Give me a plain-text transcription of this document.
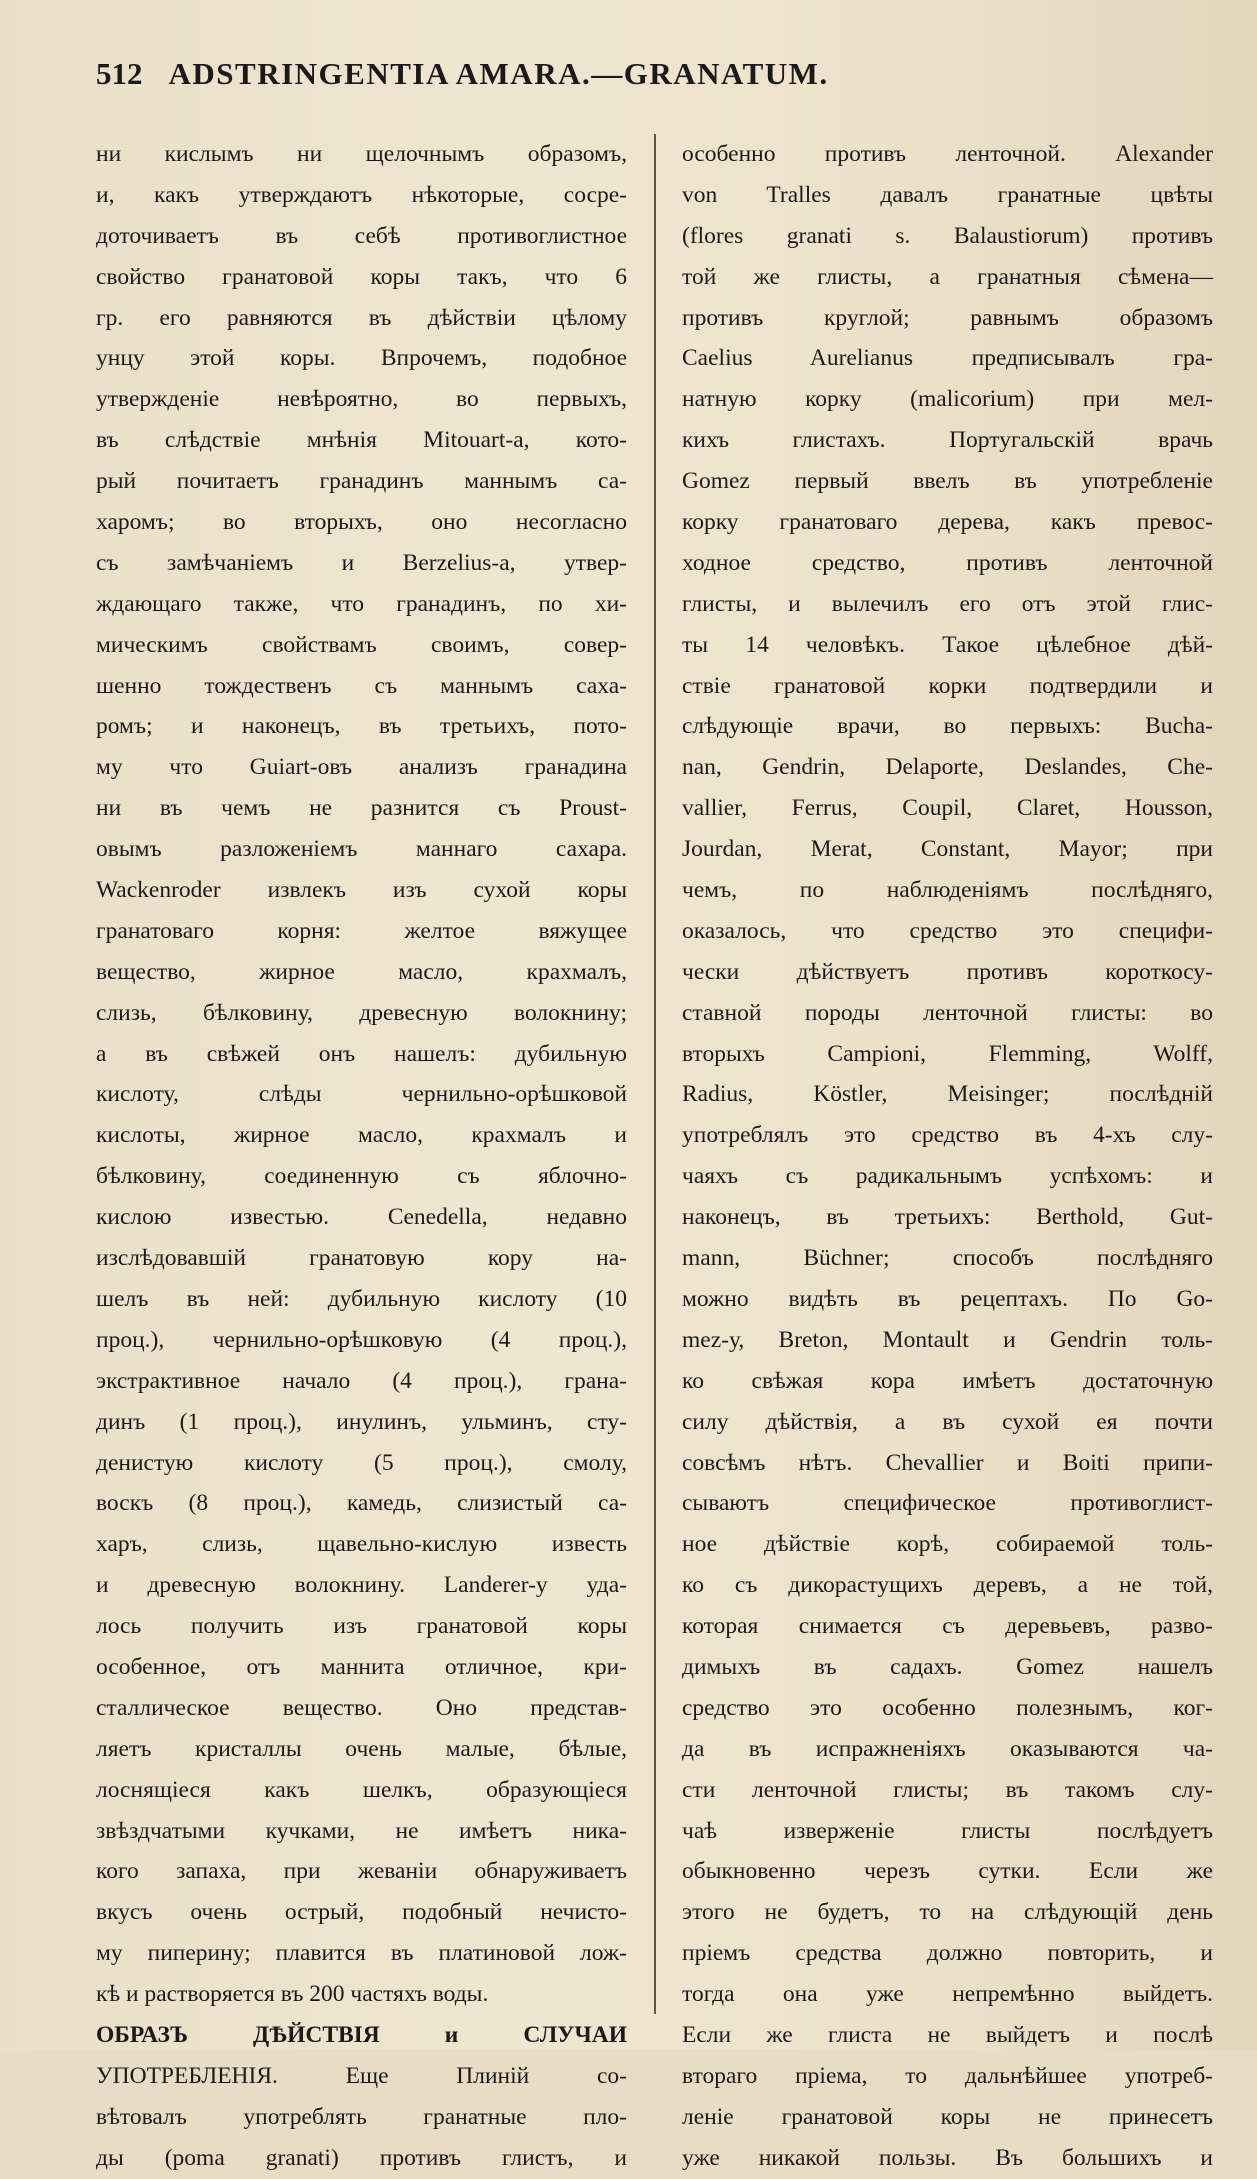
512 ADSTRINGENTIA AMARA.—GRANATUM.
ни кислымъ ни щелочнымъ образомъ,
и, какъ утверждаютъ нѣкоторые, сосре-
доточиваетъ въ себѣ противоглистное
свойство гранатовой коры такъ, что 6
гр. его равняются въ дѣйствіи цѣлому
унцу этой коры. Впрочемъ, подобное
утвержденіе невѣроятно, во первыхъ,
въ слѣдствіе мнѣнія Mitouart-а, кото-
рый почитаетъ гранадинъ маннымъ са-
харомъ; во вторыхъ, оно несогласно
съ замѣчаніемъ и Berzelius-а, утвер-
ждающаго также, что гранадинъ, по хи-
мическимъ свойствамъ своимъ, совер-
шенно тождественъ съ маннымъ саха-
ромъ; и наконецъ, въ третьихъ, пото-
му что Guiart-овъ анализъ гранадина
ни въ чемъ не разнится съ Proust-
овымъ разложеніемъ маннаго сахара.
Wackenroder извлекъ изъ сухой коры
гранатоваго корня: желтое вяжущее
вещество, жирное масло, крахмалъ,
слизь, бѣлковину, древесную волокнину;
а въ свѣжей онъ нашелъ: дубильную
кислоту, слѣды чернильно-орѣшковой
кислоты, жирное масло, крахмалъ и
бѣлковину, соединенную съ яблочно-
кислою известью. Cenedella, недавно
изслѣдовавшій гранатовую кору на-
шелъ въ ней: дубильную кислоту (10
проц.), чернильно-орѣшковую (4 проц.),
экстрактивное начало (4 проц.), грана-
динъ (1 проц.), инулинъ, ульминъ, сту-
денистую кислоту (5 проц.), смолу,
воскъ (8 проц.), камедь, слизистый са-
харъ, слизь, щавельно-кислую известь
и древесную волокнину. Landerer-у уда-
лось получить изъ гранатовой коры
особенное, отъ маннита отличное, кри-
сталлическое вещество. Оно представ-
ляетъ кристаллы очень малые, бѣлые,
лоснящіеся какъ шелкъ, образующіеся
звѣздчатыми кучками, не имѣетъ ника-
кого запаха, при жеваніи обнаруживаетъ
вкусъ очень острый, подобный нечисто-
му пиперину; плавится въ платиновой лож-
кѣ и растворяется въ 200 частяхъ воды.
ОБРАЗЪ ДѢЙСТВІЯ и СЛУЧАИ
УПОТРЕБЛЕНІЯ. Еще Плиній со-
вѣтовалъ употреблять гранатные пло-
ды (poma granati) противъ глистъ, и
особенно противъ ленточной. Alexander
von Tralles давалъ гранатные цвѣты
(flores granati s. Balaustiorum) противъ
той же глисты, а гранатныя сѣмена—
противъ круглой; равнымъ образомъ
Caelius Aurelianus предписывалъ гра-
натную корку (malicorium) при мел-
кихъ глистахъ. Португальскій врачь
Gomez первый ввелъ въ употребленіе
корку гранатоваго дерева, какъ превос-
ходное средство, противъ ленточной
глисты, и вылечилъ его отъ этой глис-
ты 14 человѣкъ. Такое цѣлебное дѣй-
ствіе гранатовой корки подтвердили и
слѣдующіе врачи, во первыхъ: Bucha-
nan, Gendrin, Delaporte, Deslandes, Che-
vallier, Ferrus, Coupil, Claret, Housson,
Jourdan, Merat, Constant, Mayor; при
чемъ, по наблюденіямъ послѣдняго,
оказалось, что средство это специфи-
чески дѣйствуетъ противъ короткосу-
ставной породы ленточной глисты: во
вторыхъ Campioni, Flemming, Wolff,
Radius, Köstler, Meisinger; послѣдній
употреблялъ это средство въ 4-хъ слу-
чаяхъ съ радикальнымъ успѣхомъ: и
наконецъ, въ третьихъ: Berthold, Gut-
mann, Büchner; способъ послѣдняго
можно видѣть въ рецептахъ. По Go-
mez-у, Breton, Montault и Gendrin толь-
ко свѣжая кора имѣетъ достаточную
силу дѣйствія, а въ сухой ея почти
совсѣмъ нѣтъ. Chevallier и Boiti припи-
сываютъ специфическое противоглист-
ное дѣйствіе корѣ, собираемой толь-
ко съ дикорастущихъ деревъ, а не той,
которая снимается съ деревьевъ, разво-
димыхъ въ садахъ. Gomez нашелъ
средство это особенно полезнымъ, ког-
да въ испражненіяхъ оказываются ча-
сти ленточной глисты; въ такомъ слу-
чаѣ изверженіе глисты послѣдуетъ
обыкновенно черезъ сутки. Если же
этого не будетъ, то на слѣдующій день
пріемъ средства должно повторить, и
тогда она уже непремѣнно выйдетъ.
Если же глиста не выйдетъ и послѣ
втораго пріема, то дальнѣйшее употреб-
леніе гранатовой коры не принесетъ
уже никакой пользы. Въ большихъ и
